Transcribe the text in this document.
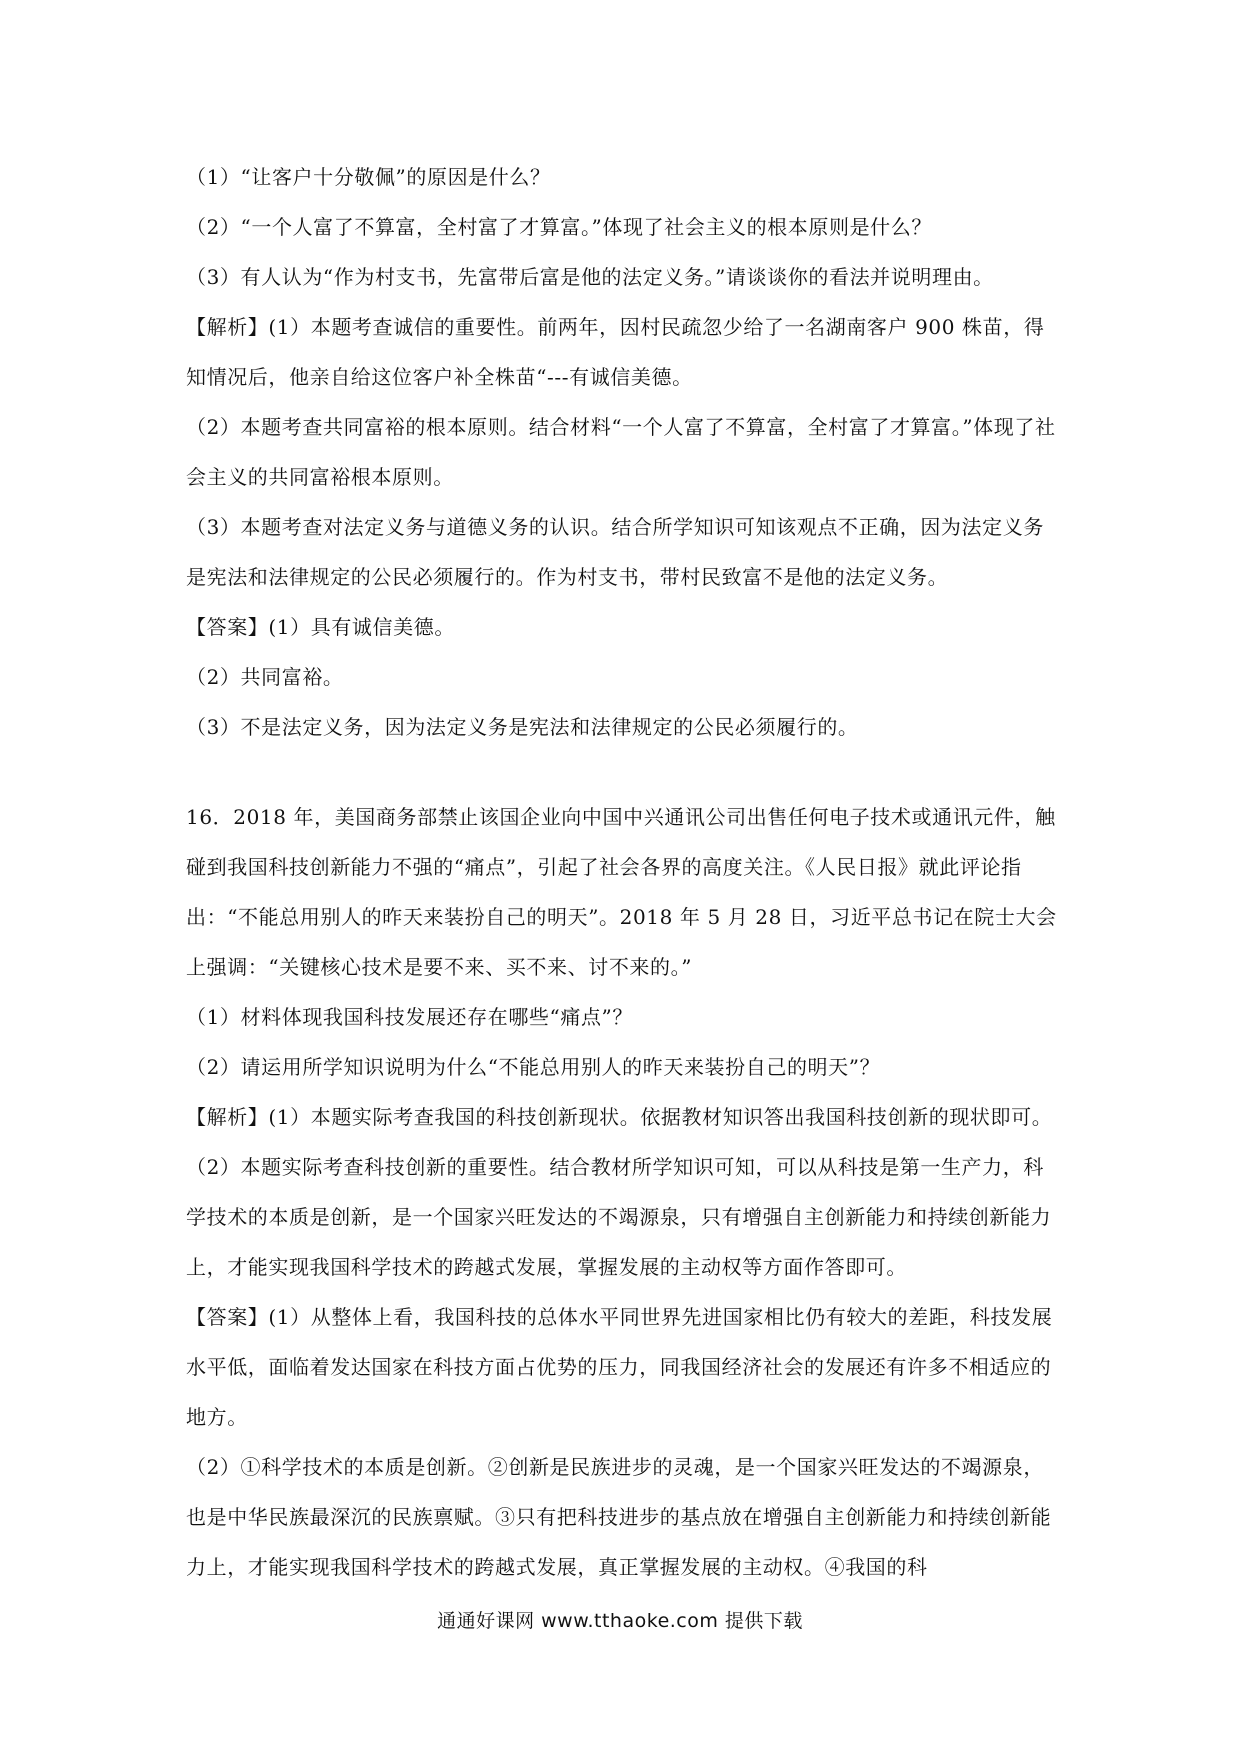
（1）“让客户十分敬佩”的原因是什么？

（2）“一个人富了不算富，全村富了才算富。”体现了社会主义的根本原则是什么？

（3）有人认为“作为村支书，先富带后富是他的法定义务。”请谈谈你的看法并说明理由。

【解析】(1）本题考查诚信的重要性。前两年，因村民疏忽少给了一名湖南客户 900 株苗，得知情况后，他亲自给这位客户补全株苗“---有诚信美德。

（2）本题考查共同富裕的根本原则。结合材料“一个人富了不算富，全村富了才算富。”体现了社会主义的共同富裕根本原则。

（3）本题考查对法定义务与道德义务的认识。结合所学知识可知该观点不正确，因为法定义务是宪法和法律规定的公民必须履行的。作为村支书，带村民致富不是他的法定义务。

【答案】(1）具有诚信美德。

（2）共同富裕。

（3）不是法定义务，因为法定义务是宪法和法律规定的公民必须履行的。

16．2018 年，美国商务部禁止该国企业向中国中兴通讯公司出售任何电子技术或通讯元件，触碰到我国科技创新能力不强的“痛点”，引起了社会各界的高度关注。《人民日报》就此评论指出：“不能总用别人的昨天来装扮自己的明天”。2018 年 5 月 28 日，习近平总书记在院士大会上强调：“关键核心技术是要不来、买不来、讨不来的。”

（1）材料体现我国科技发展还存在哪些“痛点”？

（2）请运用所学知识说明为什么“不能总用别人的昨天来装扮自己的明天”？

【解析】(1）本题实际考查我国的科技创新现状。依据教材知识答出我国科技创新的现状即可。

（2）本题实际考查科技创新的重要性。结合教材所学知识可知，可以从科技是第一生产力，科学技术的本质是创新，是一个国家兴旺发达的不竭源泉，只有增强自主创新能力和持续创新能力上，才能实现我国科学技术的跨越式发展，掌握发展的主动权等方面作答即可。

【答案】(1）从整体上看，我国科技的总体水平同世界先进国家相比仍有较大的差距，科技发展水平低，面临着发达国家在科技方面占优势的压力，同我国经济社会的发展还有许多不相适应的地方。

（2）①科学技术的本质是创新。②创新是民族进步的灵魂，是一个国家兴旺发达的不竭源泉，也是中华民族最深沉的民族禀赋。③只有把科技进步的基点放在增强自主创新能力和持续创新能力上，才能实现我国科学技术的跨越式发展，真正掌握发展的主动权。④我国的科

通通好课网 www.tthaoke.com 提供下载
